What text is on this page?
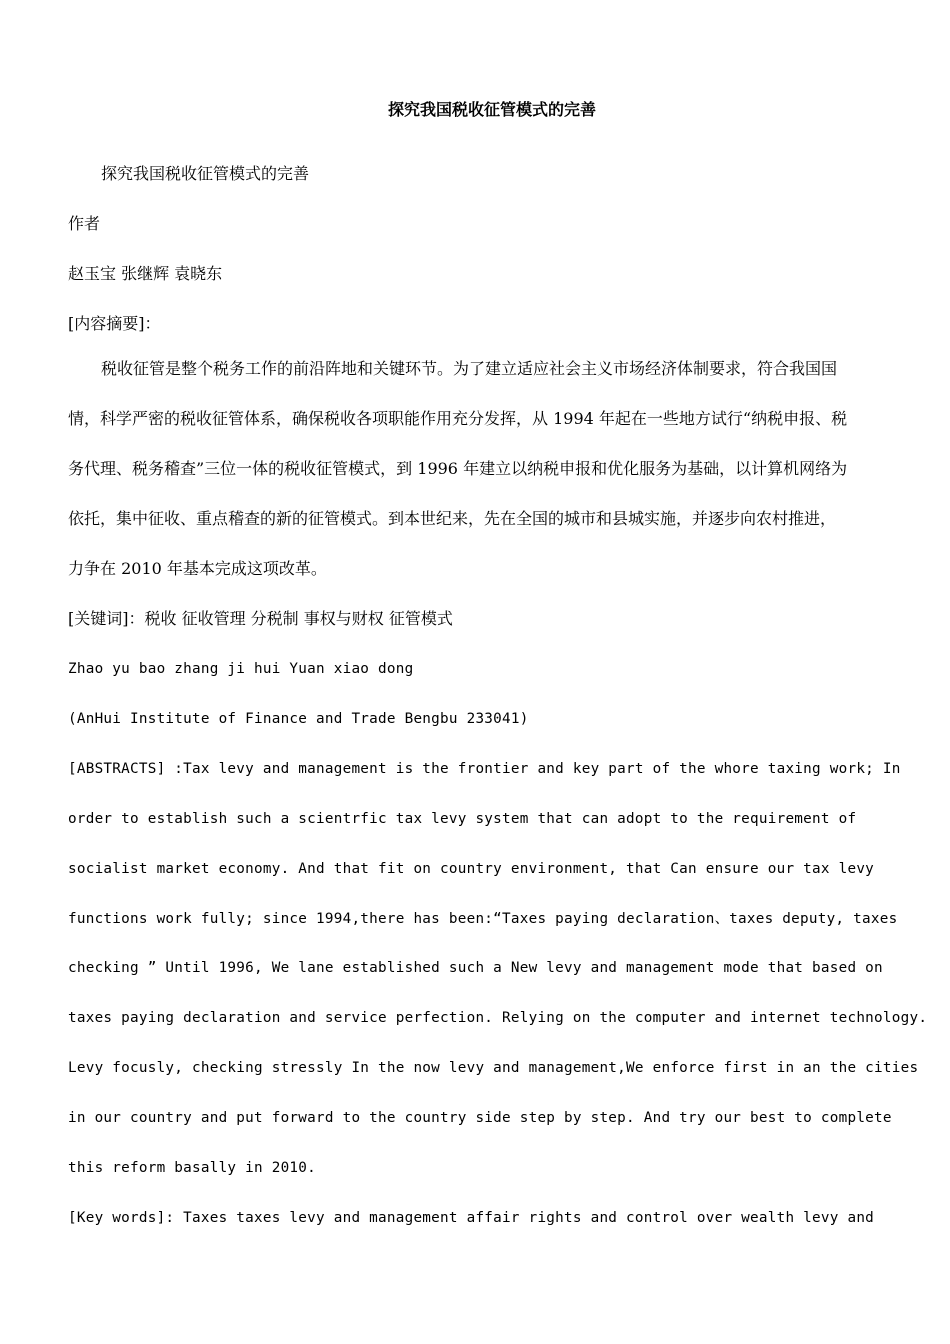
探究我国税收征管模式的完善
探究我国税收征管模式的完善
作者
赵玉宝 张继辉 袁晓东
[内容摘要]：
税收征管是整个税务工作的前沿阵地和关键环节。为了建立适应社会主义市场经济体制要求，符合我国国
情，科学严密的税收征管体系，确保税收各项职能作用充分发挥，从 1994 年起在一些地方试行“纳税申报、税
务代理、税务稽查”三位一体的税收征管模式，到 1996 年建立以纳税申报和优化服务为基础，以计算机网络为
依托，集中征收、重点稽查的新的征管模式。到本世纪来，先在全国的城市和县城实施，并逐步向农村推进，
力争在 2010 年基本完成这项改革。
[关键词]：税收 征收管理 分税制 事权与财权 征管模式
Zhao yu bao zhang ji hui Yuan xiao dong
(AnHui Institute of Finance and Trade Bengbu 233041)
[ABSTRACTS] :Tax levy and management is the frontier and key part of the whore taxing work; In
order to establish such a scientrfic tax levy system that can adopt to the requirement of
socialist market economy. And that fit on country environment, that Can ensure our tax levy
functions work fully; since 1994,there has been:“Taxes paying declaration、taxes deputy, taxes
checking ” Until 1996, We lane established such a New levy and management mode that based on
taxes paying declaration and service perfection. Relying on the computer and internet technology.
Levy focusly, checking stressly In the now levy and management,We enforce first in an the cities
in our country and put forward to the country side step by step. And try our best to complete
this reform basally in 2010.
[Key words]: Taxes taxes levy and management affair rights and control over wealth levy and
